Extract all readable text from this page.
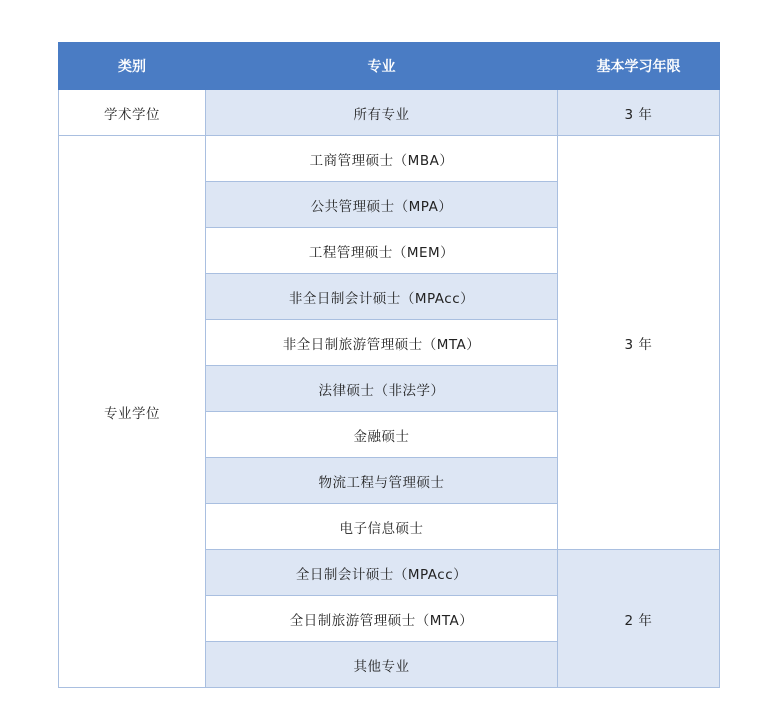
类别	专业	基本学习年限
学术学位	所有专业	3 年
专业学位	工商管理硕士（MBA）	3 年
	公共管理硕士（MPA）	
	工程管理硕士（MEM）	
	非全日制会计硕士（MPAcc）	
	非全日制旅游管理硕士（MTA）	
	法律硕士（非法学）	
	金融硕士	
	物流工程与管理硕士	
	电子信息硕士	
	全日制会计硕士（MPAcc）	2 年
	全日制旅游管理硕士（MTA）	
	其他专业	
